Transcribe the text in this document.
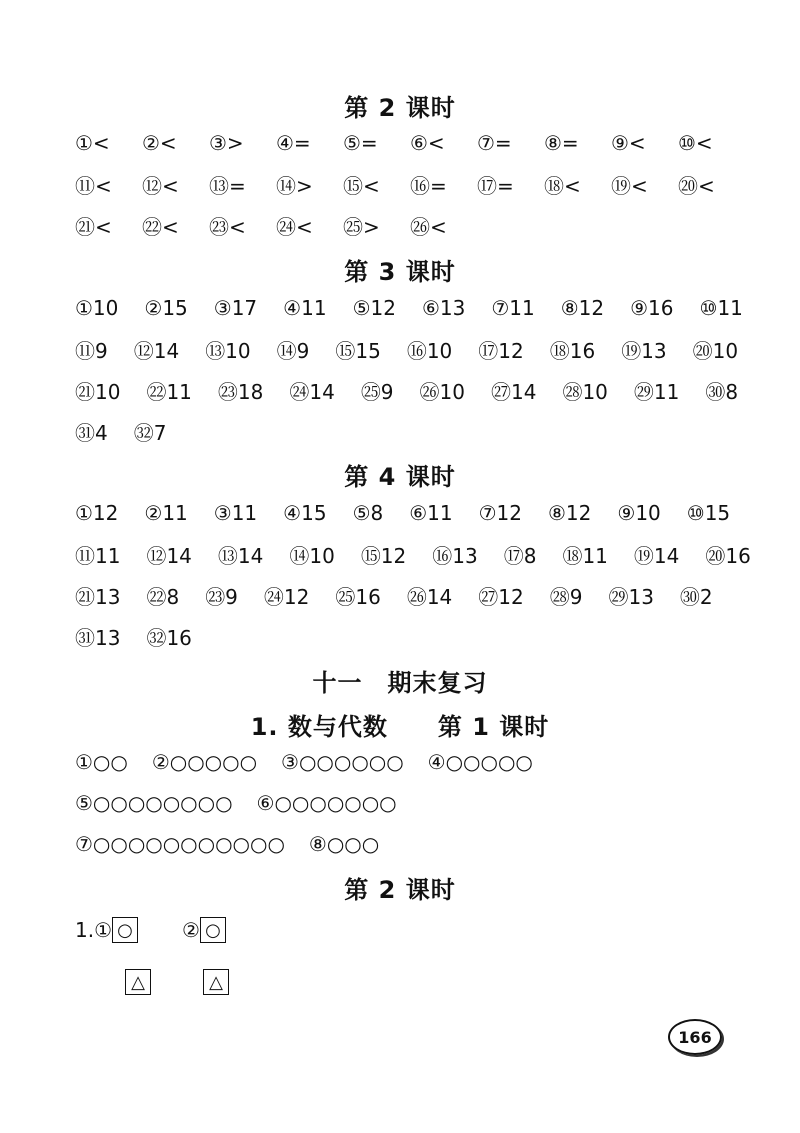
第 2 课时
①<	②<	③>	④=	⑤=	⑥<	⑦=	⑧=	⑨<	⑩<
⑪<	⑫<	⑬=	⑭>	⑮<	⑯=	⑰=	⑱<	⑲<	⑳<
㉑<	㉒<	㉓<	㉔<	㉕>	㉖<
第 3 课时
①10 ②15 ③17 ④11 ⑤12 ⑥13 ⑦11 ⑧12 ⑨16 ⑩11
⑪9 ⑫14 ⑬10 ⑭9 ⑮15 ⑯10 ⑰12 ⑱16 ⑲13 ⑳10
㉑10 ㉒11 ㉓18 ㉔14 ㉕9 ㉖10 ㉗14 ㉘10 ㉙11 ㉚8
㉛4 ㉜7
第 4 课时
①12 ②11 ③11 ④15 ⑤8 ⑥11 ⑦12 ⑧12 ⑨10 ⑩15
⑪11 ⑫14 ⑬14 ⑭10 ⑮12 ⑯13 ⑰8 ⑱11 ⑲14 ⑳16
㉑13 ㉒8 ㉓9 ㉔12 ㉕16 ㉖14 ㉗12 ㉘9 ㉙13 ㉚2
㉛13 ㉜16
十一　期末复习
1. 数与代数　　第 1 课时
①○○ ②○○○○○ ③○○○○○○ ④○○○○○
⑤○○○○○○○○ ⑥○○○○○○○
⑦○○○○○○○○○○○ ⑧○○○
第 2 课时
1. ① ○ ② ○
△	△
166
